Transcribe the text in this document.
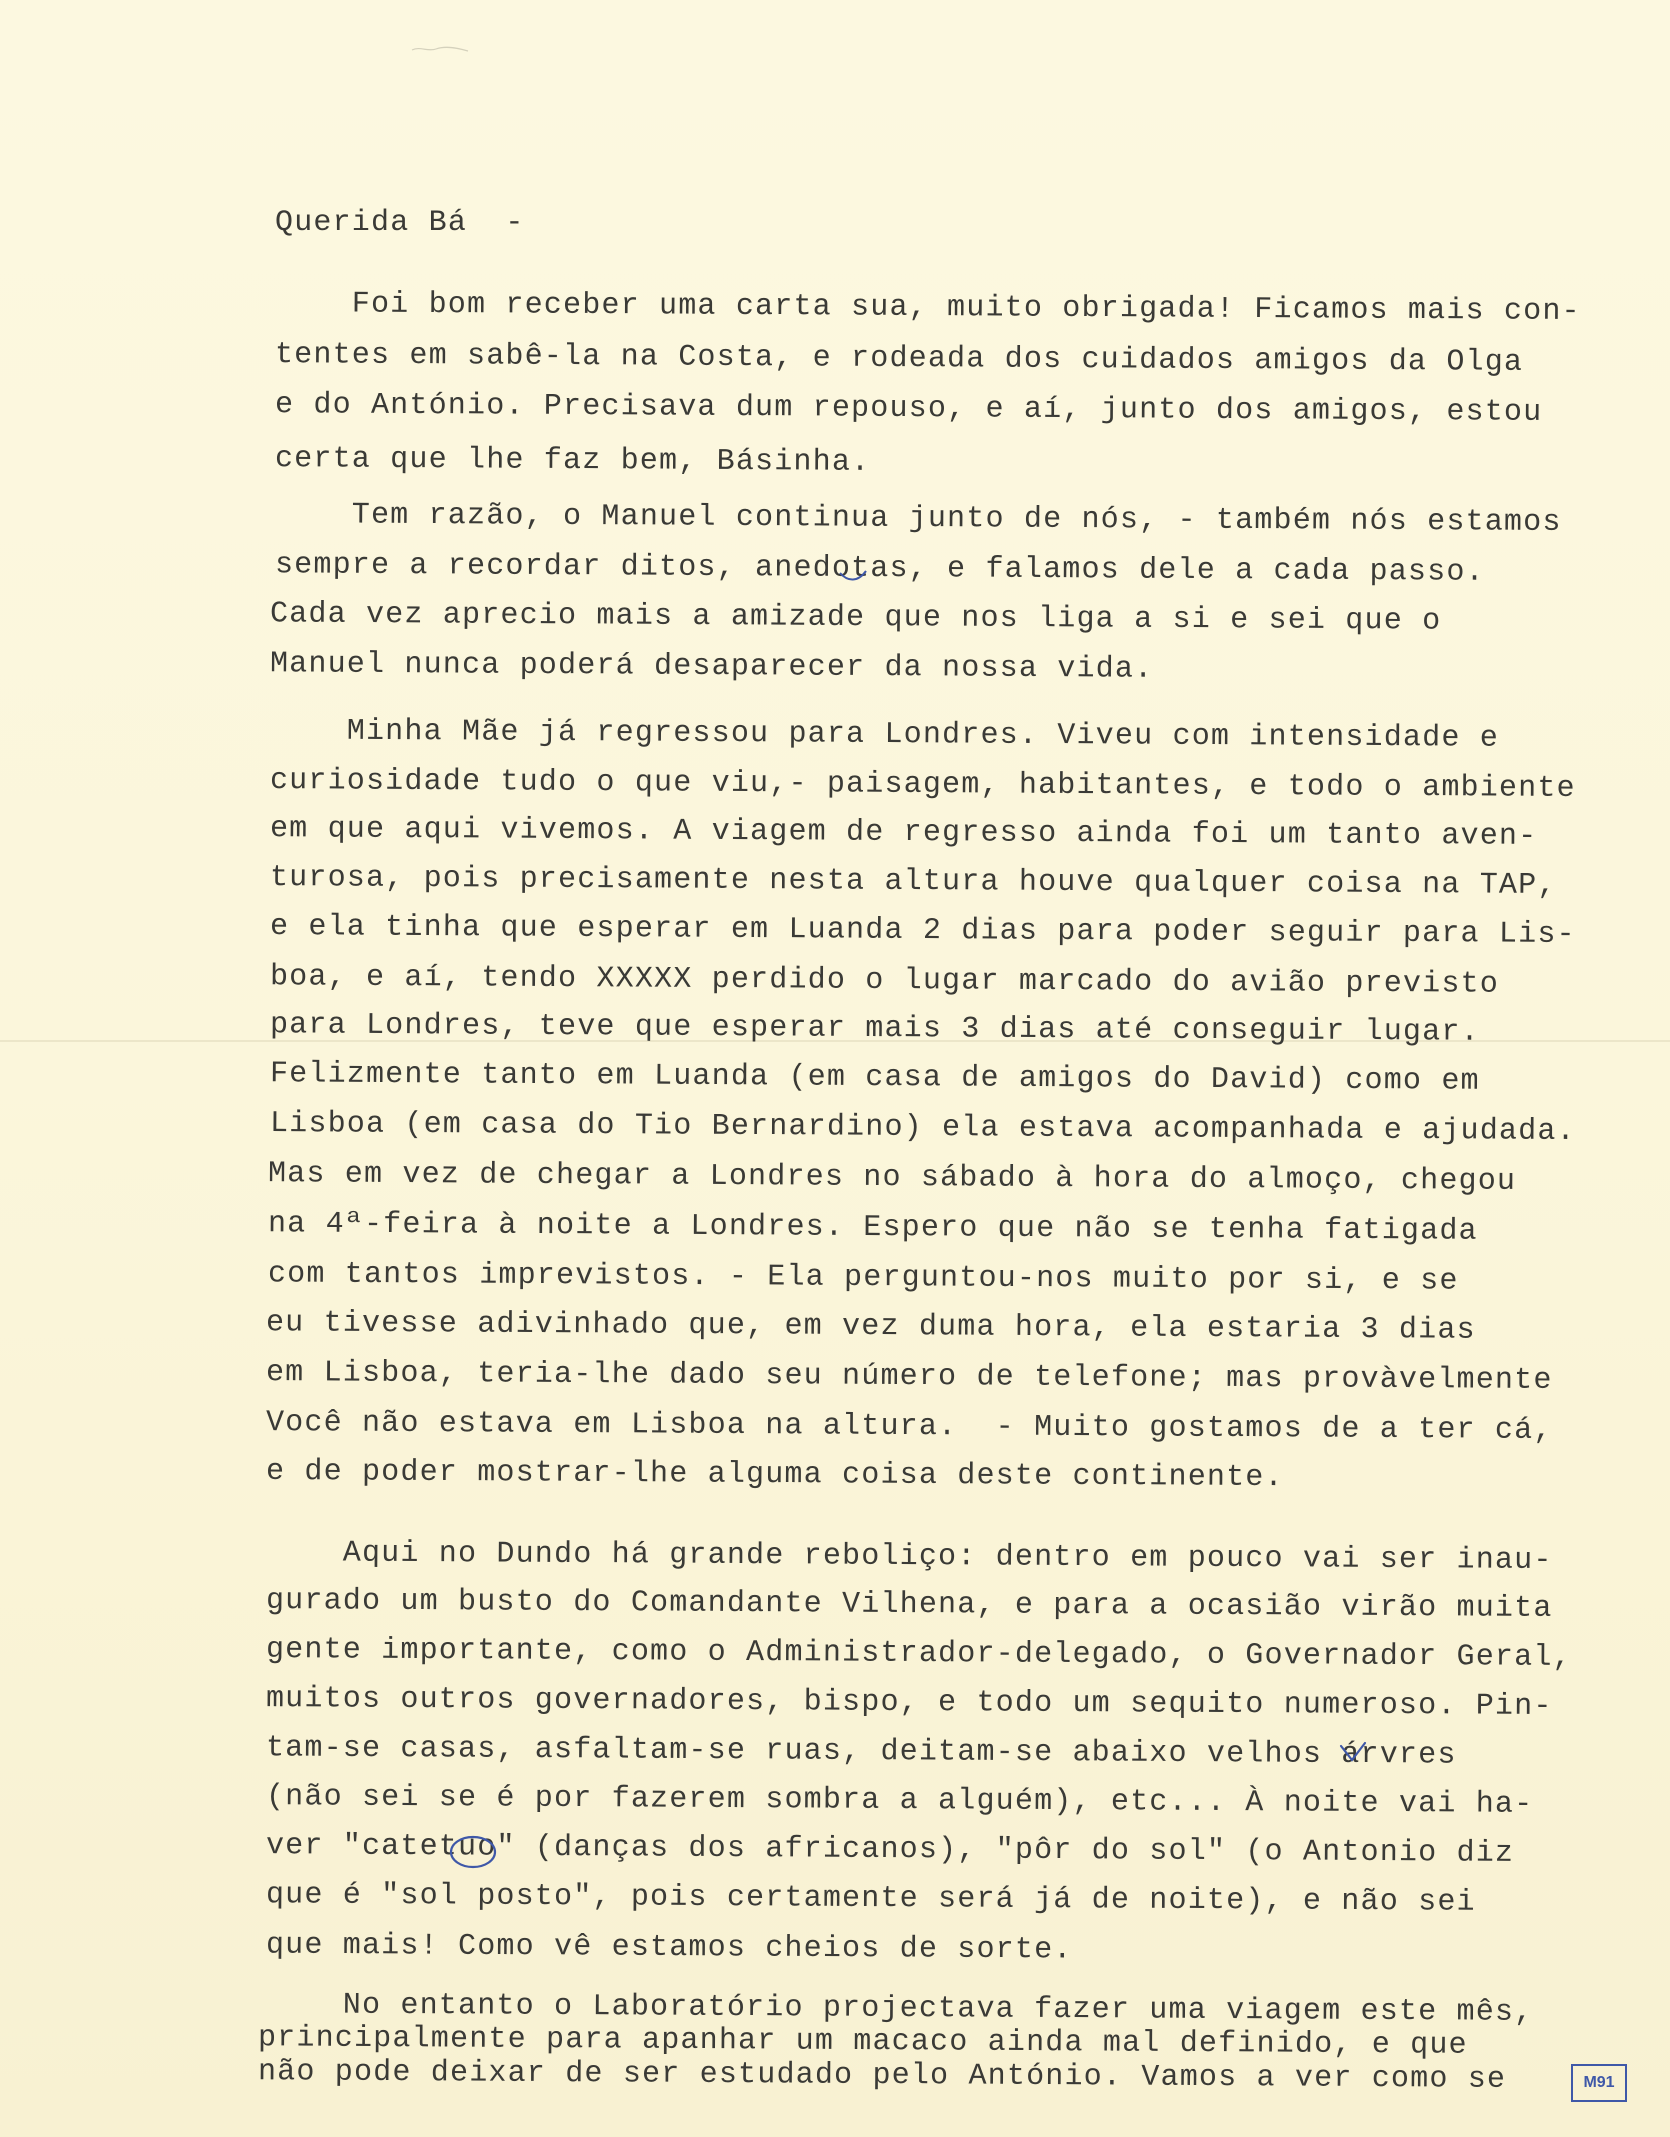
Querida Bá  -
Foi bom receber uma carta sua, muito obrigada! Ficamos mais con-
tentes em sabê-la na Costa, e rodeada dos cuidados amigos da Olga
e do António. Precisava dum repouso, e aí, junto dos amigos, estou
certa que lhe faz bem, Básinha.
Tem razão, o Manuel continua junto de nós, - também nós estamos
sempre a recordar ditos, anedotas, e falamos dele a cada passo.
Cada vez aprecio mais a amizade que nos liga a si e sei que o
Manuel nunca poderá desaparecer da nossa vida.
Minha Mãe já regressou para Londres. Viveu com intensidade e
curiosidade tudo o que viu,- paisagem, habitantes, e todo o ambiente
em que aqui vivemos. A viagem de regresso ainda foi um tanto aven-
turosa, pois precisamente nesta altura houve qualquer coisa na TAP,
e ela tinha que esperar em Luanda 2 dias para poder seguir para Lis-
boa, e aí, tendo XXXXX perdido o lugar marcado do avião previsto
para Londres, teve que esperar mais 3 dias até conseguir lugar.
Felizmente tanto em Luanda (em casa de amigos do David) como em
Lisboa (em casa do Tio Bernardino) ela estava acompanhada e ajudada.
Mas em vez de chegar a Londres no sábado à hora do almoço, chegou
na 4ª-feira à noite a Londres. Espero que não se tenha fatigada
com tantos imprevistos. - Ela perguntou-nos muito por si, e se
eu tivesse adivinhado que, em vez duma hora, ela estaria 3 dias
em Lisboa, teria-lhe dado seu número de telefone; mas provàvelmente
Você não estava em Lisboa na altura.  - Muito gostamos de a ter cá,
e de poder mostrar-lhe alguma coisa deste continente.
Aqui no Dundo há grande reboliço: dentro em pouco vai ser inau-
gurado um busto do Comandante Vilhena, e para a ocasião virão muita
gente importante, como o Administrador-delegado, o Governador Geral,
muitos outros governadores, bispo, e todo um sequito numeroso. Pin-
tam-se casas, asfaltam-se ruas, deitam-se abaixo velhos árvres
(não sei se é por fazerem sombra a alguém), etc... À noite vai ha-
ver "catetuo" (danças dos africanos), "pôr do sol" (o Antonio diz
que é "sol posto", pois certamente será já de noite), e não sei
que mais! Como vê estamos cheios de sorte.
No entanto o Laboratório projectava fazer uma viagem este mês,
principalmente para apanhar um macaco ainda mal definido, e que
não pode deixar de ser estudado pelo António. Vamos a ver como se	M91
